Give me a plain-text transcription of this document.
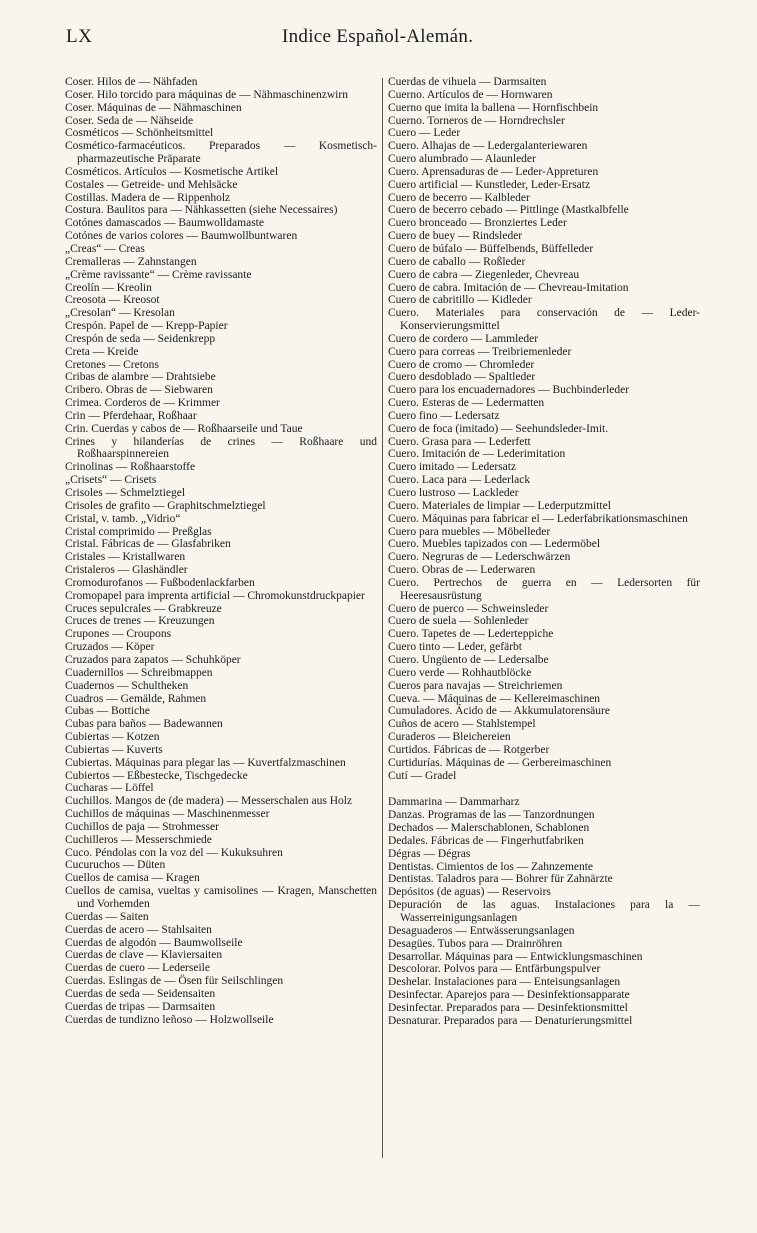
LX	Indice Español-Alemán.
Coser. Hilos de — Nähfaden
Coser. Hilo torcido para máquinas de — Nähmaschinenzwirn
Coser. Máquinas de — Nähmaschinen
Coser. Seda de — Nähseide
Cosméticos — Schönheitsmittel
Cosmético-farmacéuticos. Preparados — Kosmetisch-pharmazeutische Präparate
Cosméticos. Artículos — Kosmetische Artikel
Costales — Getreide- und Mehlsäcke
Costillas. Madera de — Rippenholz
Costura. Baulitos para — Nähkassetten (siehe Necessaires)
Cotónes damascados — Baumwolldamaste
Cotónes de varios colores — Baumwollbuntwaren
„Creas“ — Creas
Cremalleras — Zahnstangen
„Crème ravissante“ — Crème ravissante
Creolín — Kreolin
Creosota — Kreosot
„Cresolan“ — Kresolan
Crespón. Papel de — Krepp-Papier
Crespón de seda — Seidenkrepp
Creta — Kreide
Cretones — Cretons
Cribas de alambre — Drahtsiebe
Cribero. Obras de — Siebwaren
Crimea. Corderos de — Krimmer
Crin — Pferdehaar, Roßhaar
Crin. Cuerdas y cabos de — Roßhaarseile und Taue
Crines y hilanderías de crines — Roßhaare und Roßhaarspinnereien
Crinolinas — Roßhaarstoffe
„Crisets“ — Crisets
Crisoles — Schmelztiegel
Crisoles de grafito — Graphitschmelztiegel
Cristal, v. tamb. „Vidrio“
Cristal comprimido — Preßglas
Cristal. Fábricas de — Glasfabriken
Cristales — Kristallwaren
Cristaleros — Glashändler
Cromodurofanos — Fußbodenlackfarben
Cromopapel para imprenta artificial — Chromokunstdruckpapier
Cruces sepulcrales — Grabkreuze
Cruces de trenes — Kreuzungen
Crupones — Croupons
Cruzados — Köper
Cruzados para zapatos — Schuhköper
Cuadernillos — Schreibmappen
Cuadernos — Schultheken
Cuadros — Gemälde, Rahmen
Cubas — Bottiche
Cubas para baños — Badewannen
Cubiertas — Kotzen
Cubiertas — Kuverts
Cubiertas. Máquinas para plegar las — Kuvertfalzmaschinen
Cubiertos — Eßbestecke, Tischgedecke
Cucharas — Löffel
Cuchillos. Mangos de (de madera) — Messerschalen aus Holz
Cuchillos de máquinas — Maschinenmesser
Cuchillos de paja — Strohmesser
Cuchilleros — Messerschmiede
Cuco. Péndolas con la voz del — Kukuksuhren
Cucuruchos — Düten
Cuellos de camisa — Kragen
Cuellos de camisa, vueltas y camisolines — Kragen, Manschetten und Vorhemden
Cuerdas — Saiten
Cuerdas de acero — Stahlsaiten
Cuerdas de algodón — Baumwollseile
Cuerdas de clave — Klaviersaiten
Cuerdas de cuero — Lederseile
Cuerdas. Eslingas de — Ösen für Seilschlingen
Cuerdas de seda — Seidensaiten
Cuerdas de tripas — Darmsaiten
Cuerdas de tundizno leñoso — Holzwollseile
Cuerdas de vihuela — Darmsaiten
Cuerno. Artículos de — Hornwaren
Cuerno que imita la ballena — Hornfischbein
Cuerno. Torneros de — Horndrechsler
Cuero — Leder
Cuero. Alhajas de — Ledergalanteriewaren
Cuero alumbrado — Alaunleder
Cuero. Aprensaduras de — Leder-Appreturen
Cuero artificial — Kunstleder, Leder-Ersatz
Cuero de becerro — Kalbleder
Cuero de becerro cebado — Pittlinge (Mastkalbfelle
Cuero bronceado — Bronziertes Leder
Cuero de buey — Rindsleder
Cuero de búfalo — Büffelbends, Büffelleder
Cuero de caballo — Roßleder
Cuero de cabra — Ziegenleder, Chevreau
Cuero de cabra. Imitación de — Chevreau-Imitation
Cuero de cabritillo — Kidleder
Cuero. Materiales para conservación de — Leder-Konservierungsmittel
Cuero de cordero — Lammleder
Cuero para correas — Treibriemenleder
Cuero de cromo — Chromleder
Cuero desdoblado — Spaltleder
Cuero para los encuadernadores — Buchbinderleder
Cuero. Esteras de — Ledermatten
Cuero fino — Ledersatz
Cuero de foca (imitado) — Seehundsleder-Imit.
Cuero. Grasa para — Lederfett
Cuero. Imitación de — Lederimitation
Cuero imitado — Ledersatz
Cuero. Laca para — Lederlack
Cuero lustroso — Lackleder
Cuero. Materiales de limpiar — Lederputzmittel
Cuero. Máquinas para fabricar el — Lederfabrikationsmaschinen
Cuero para muebles — Möbelleder
Cuero. Muebles tapizados con — Ledermöbel
Cuero. Negruras de — Lederschwärzen
Cuero. Obras de — Lederwaren
Cuero. Pertrechos de guerra en — Ledersorten für Heeresausrüstung
Cuero de puerco — Schweinsleder
Cuero de suela — Sohlenleder
Cuero. Tapetes de — Lederteppiche
Cuero tinto — Leder, gefärbt
Cuero. Ungüento de — Ledersalbe
Cuero verde — Rohhautblöcke
Cueros para navajas — Streichriemen
Cueva. — Máquinas de — Kellereimaschinen
Cumuladores. Ácido de — Akkumulatorensäure
Cuños de acero — Stahlstempel
Curaderos — Bleichereien
Curtidos. Fábricas de — Rotgerber
Curtidurías. Máquinas de — Gerbereimaschinen
Cutí — Gradel
Dammarina — Dammarharz
Danzas. Programas de las — Tanzordnungen
Dechados — Malerschablonen, Schablonen
Dedales. Fábricas de — Fingerhutfabriken
Dégras — Dégras
Dentistas. Cimientos de los — Zahnzemente
Dentistas. Taladros para — Bohrer für Zahnärzte
Depósitos (de aguas) — Reservoirs
Depuración de las aguas. Instalaciones para la — Wasserreinigungsanlagen
Desaguaderos — Entwässerungsanlagen
Desagües. Tubos para — Drainröhren
Desarrollar. Máquinas para — Entwicklungsmaschinen
Descolorar. Polvos para — Entfärbungspulver
Deshelar. Instalaciones para — Enteisungsanlagen
Desinfectar. Aparejos para — Desinfektionsapparate
Desinfectar. Preparados para — Desinfektionsmittel
Desnaturar. Preparados para — Denaturierungsmittel
